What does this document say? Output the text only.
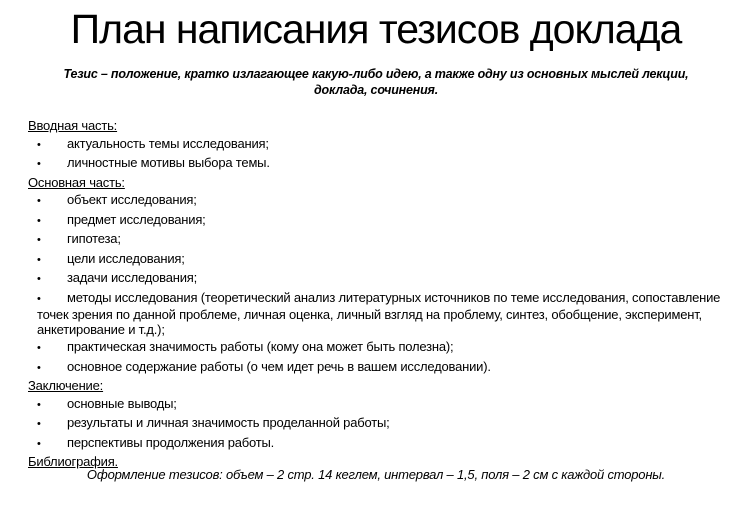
План написания тезисов доклада

Тезис – положение, кратко излагающее какую-либо идею, а также одну из основных мыслей лекции, доклада, сочинения.

Вводная часть:
• актуальность темы исследования;
• личностные мотивы выбора темы.
Основная часть:
• объект исследования;
• предмет исследования;
• гипотеза;
• цели исследования;
• задачи исследования;
• методы исследования (теоретический анализ литературных источников по теме исследования, сопоставление точек зрения по данной проблеме, личная оценка, личный взгляд на проблему, синтез, обобщение, эксперимент, анкетирование и т.д.);
• практическая значимость работы (кому она может быть полезна);
• основное содержание работы (о чем идет речь в вашем исследовании).
Заключение:
• основные выводы;
• результаты и личная значимость проделанной работы;
• перспективы продолжения работы.
Библиография.
Оформление тезисов: объем – 2 стр. 14 кеглем, интервал – 1,5, поля – 2 см с каждой стороны.
